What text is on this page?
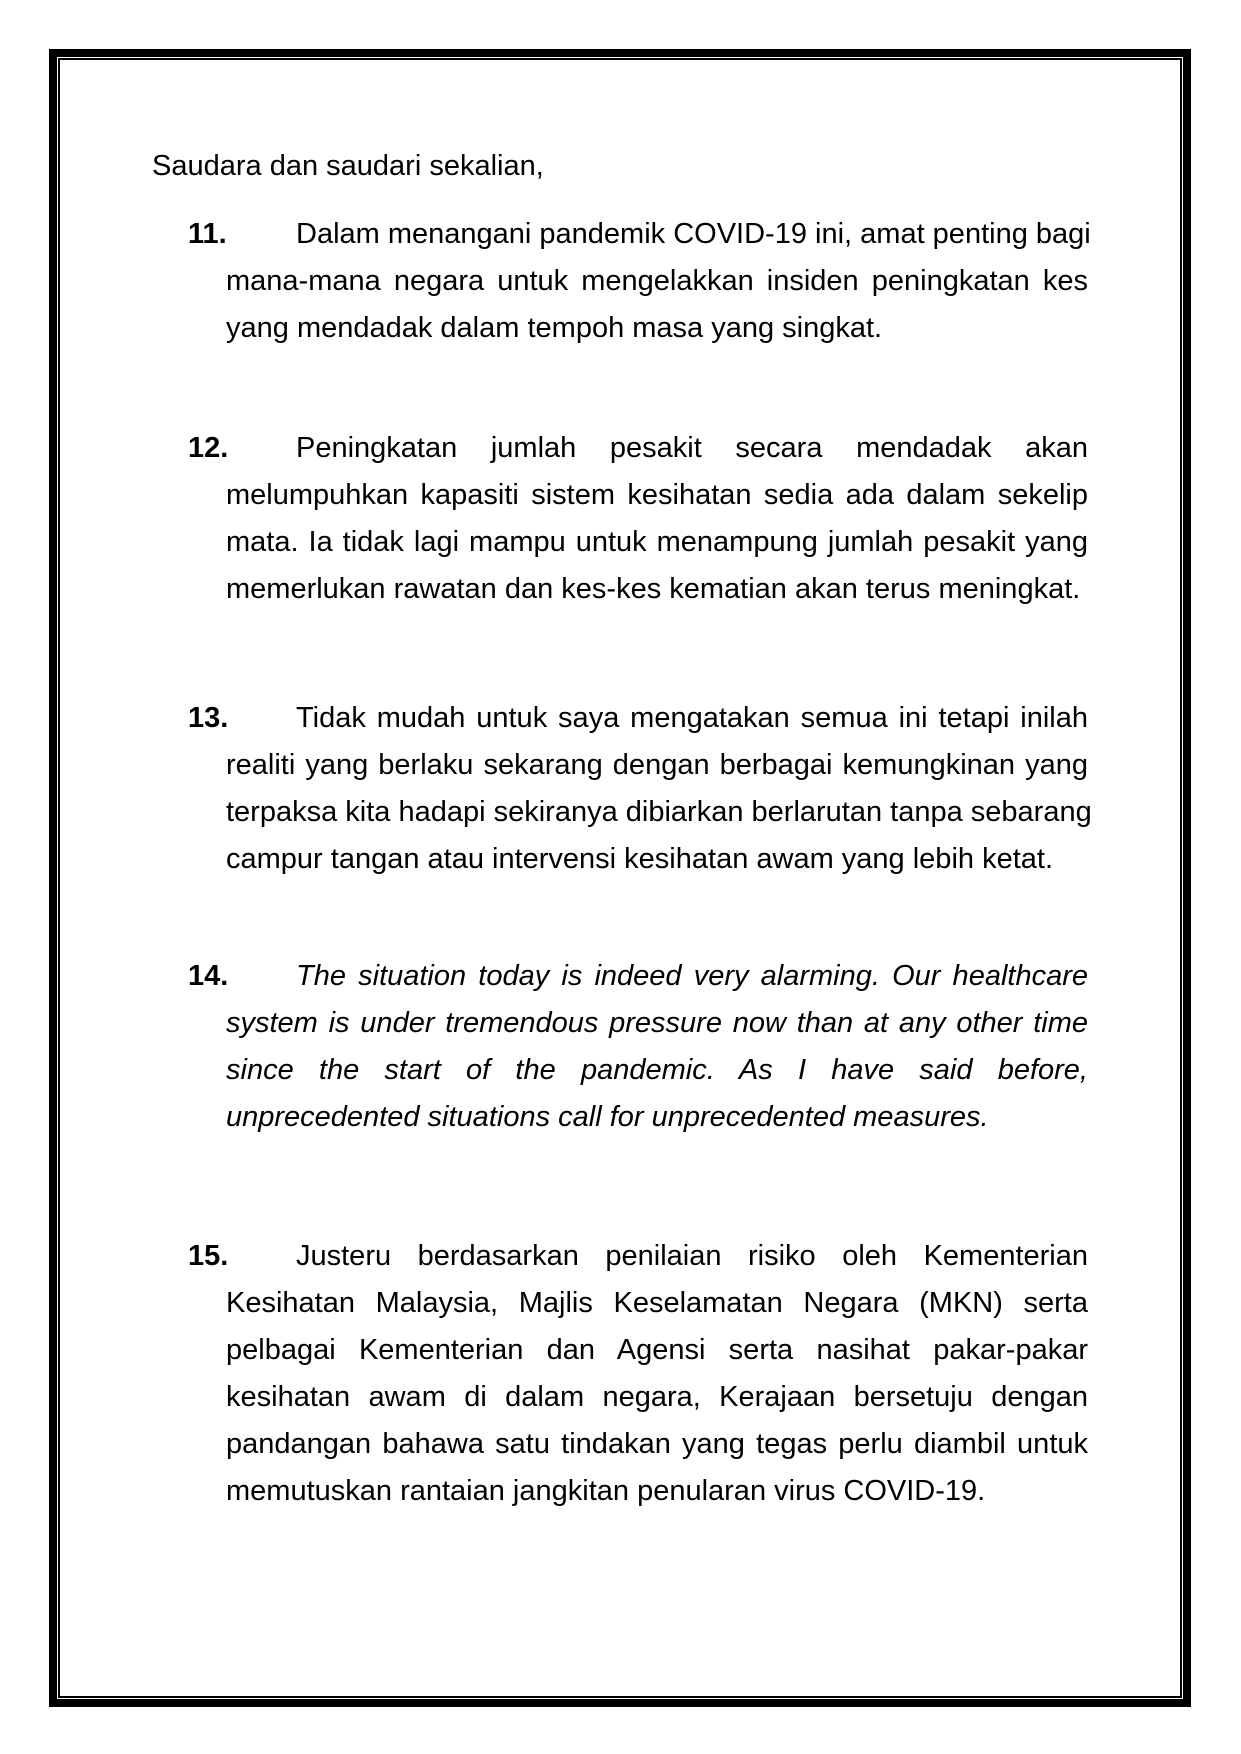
Saudara dan saudari sekalian,
11.	Dalam menangani pandemik COVID-19 ini, amat penting bagi
mana-mana negara untuk mengelakkan insiden peningkatan kes
yang mendadak dalam tempoh masa yang singkat.
12.	Peningkatan jumlah pesakit secara mendadak akan
melumpuhkan kapasiti sistem kesihatan sedia ada dalam sekelip
mata. Ia tidak lagi mampu untuk menampung jumlah pesakit yang
memerlukan rawatan dan kes-kes kematian akan terus meningkat.
13.	Tidak mudah untuk saya mengatakan semua ini tetapi inilah
realiti yang berlaku sekarang dengan berbagai kemungkinan yang
terpaksa kita hadapi sekiranya dibiarkan berlarutan tanpa sebarang
campur tangan atau intervensi kesihatan awam yang lebih ketat.
14.	The situation today is indeed very alarming. Our healthcare
system is under tremendous pressure now than at any other time
since the start of the pandemic. As I have said before,
unprecedented situations call for unprecedented measures.
15.	Justeru berdasarkan penilaian risiko oleh Kementerian
Kesihatan Malaysia, Majlis Keselamatan Negara (MKN) serta
pelbagai Kementerian dan Agensi serta nasihat pakar-pakar
kesihatan awam di dalam negara, Kerajaan bersetuju dengan
pandangan bahawa satu tindakan yang tegas perlu diambil untuk
memutuskan rantaian jangkitan penularan virus COVID-19.
